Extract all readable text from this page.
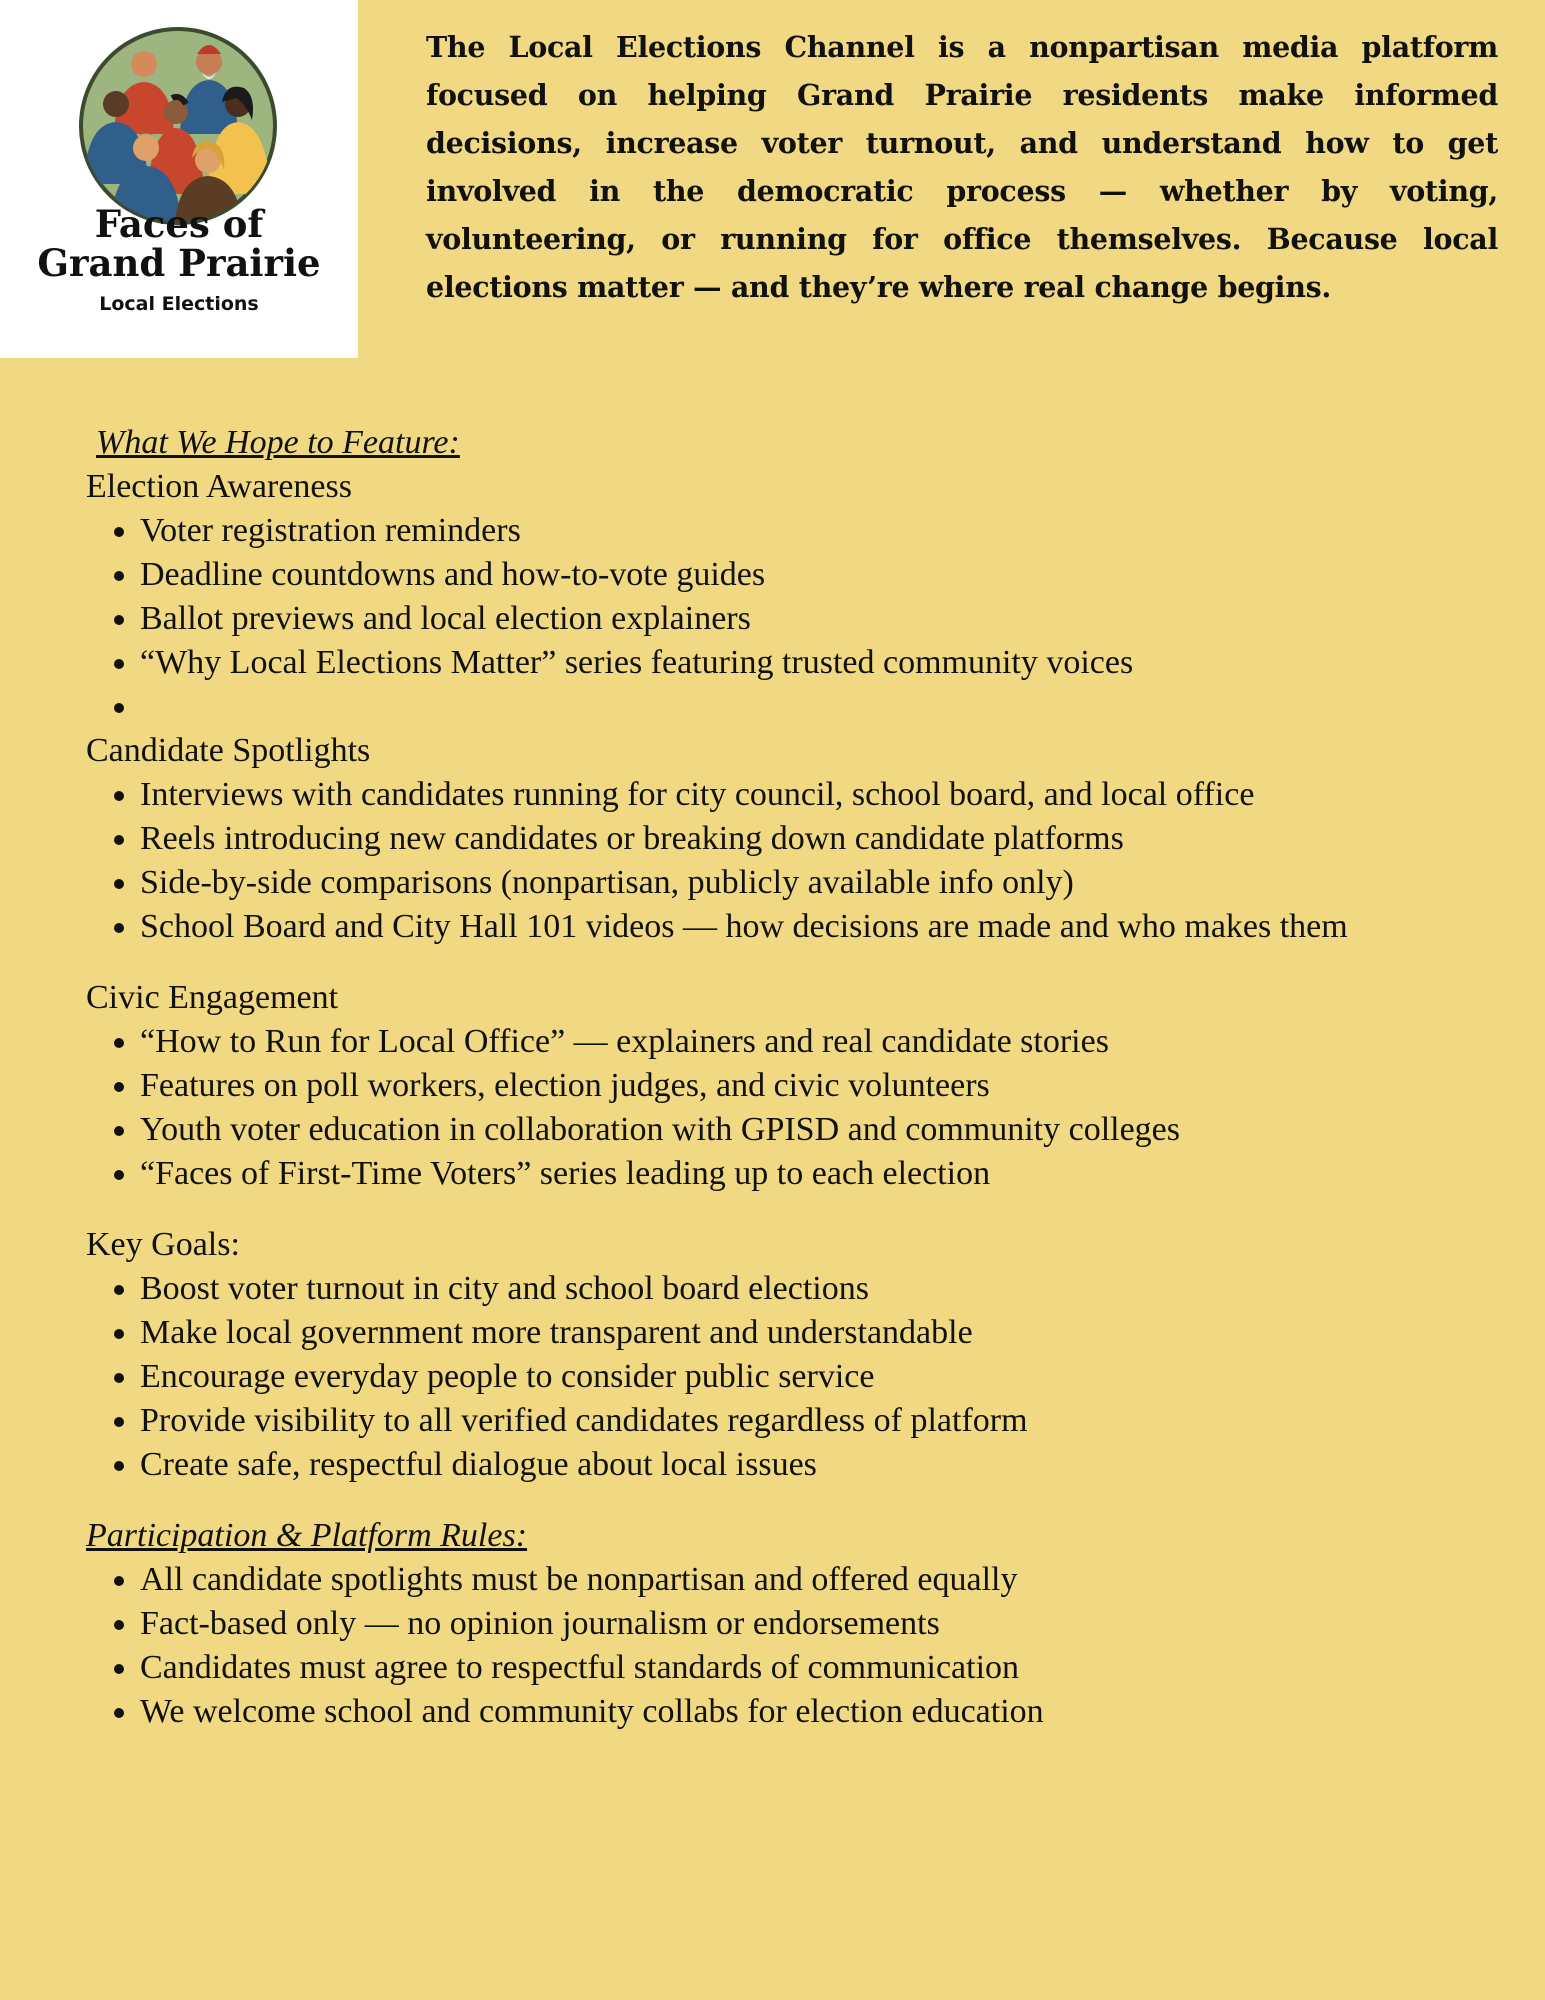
Faces of
Grand Prairie
Local Elections

The Local Elections Channel is a nonpartisan media platform focused on helping Grand Prairie residents make informed decisions, increase voter turnout, and understand how to get involved in the democratic process — whether by voting, volunteering, or running for office themselves. Because local elections matter — and they’re where real change begins.

What We Hope to Feature:

Election Awareness

• Voter registration reminders
• Deadline countdowns and how-to-vote guides
• Ballot previews and local election explainers
• “Why Local Elections Matter” series featuring trusted community voices
•

Candidate Spotlights

• Interviews with candidates running for city council, school board, and local office
• Reels introducing new candidates or breaking down candidate platforms
• Side-by-side comparisons (nonpartisan, publicly available info only)
• School Board and City Hall 101 videos — how decisions are made and who makes them

Civic Engagement

• “How to Run for Local Office” — explainers and real candidate stories
• Features on poll workers, election judges, and civic volunteers
• Youth voter education in collaboration with GPISD and community colleges
• “Faces of First-Time Voters” series leading up to each election

Key Goals:

• Boost voter turnout in city and school board elections
• Make local government more transparent and understandable
• Encourage everyday people to consider public service
• Provide visibility to all verified candidates regardless of platform
• Create safe, respectful dialogue about local issues

Participation & Platform Rules:

• All candidate spotlights must be nonpartisan and offered equally
• Fact-based only — no opinion journalism or endorsements
• Candidates must agree to respectful standards of communication
• We welcome school and community collabs for election education
